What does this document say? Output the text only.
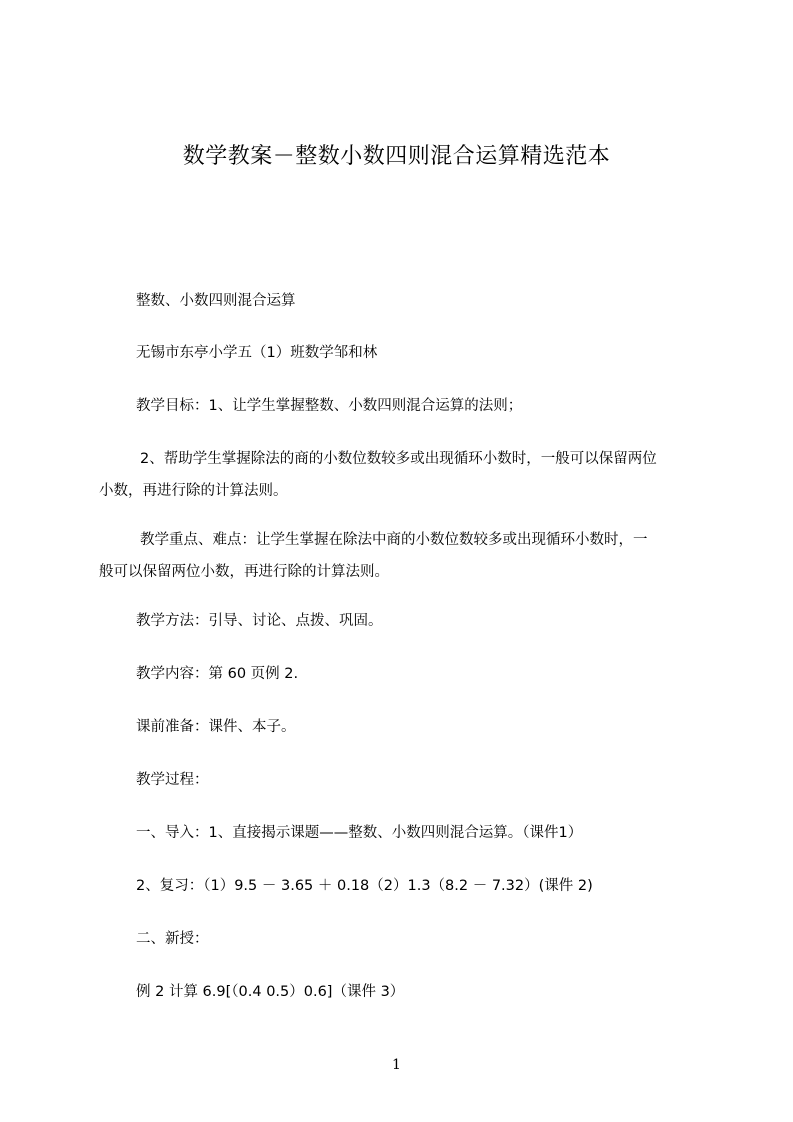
数学教案－整数小数四则混合运算精选范本
整数、小数四则混合运算
无锡市东亭小学五（1）班数学邹和林
教学目标：1、让学生掌握整数、小数四则混合运算的法则；
2、帮助学生掌握除法的商的小数位数较多或出现循环小数时，一般可以保留两位
小数，再进行除的计算法则。
教学重点、难点：让学生掌握在除法中商的小数位数较多或出现循环小数时，一
般可以保留两位小数，再进行除的计算法则。
教学方法：引导、讨论、点拨、巩固。
教学内容：第 60 页例 2.
课前准备：课件、本子。
教学过程：
一、导入：1、直接揭示课题——整数、小数四则混合运算。（课件1）
2、复习：（1）9.5 － 3.65 ＋ 0.18（2）1.3（8.2 － 7.32）(课件 2)
二、新授：
例 2 计算 6.9[（0.4 0.5）0.6]（课件 3）
1
